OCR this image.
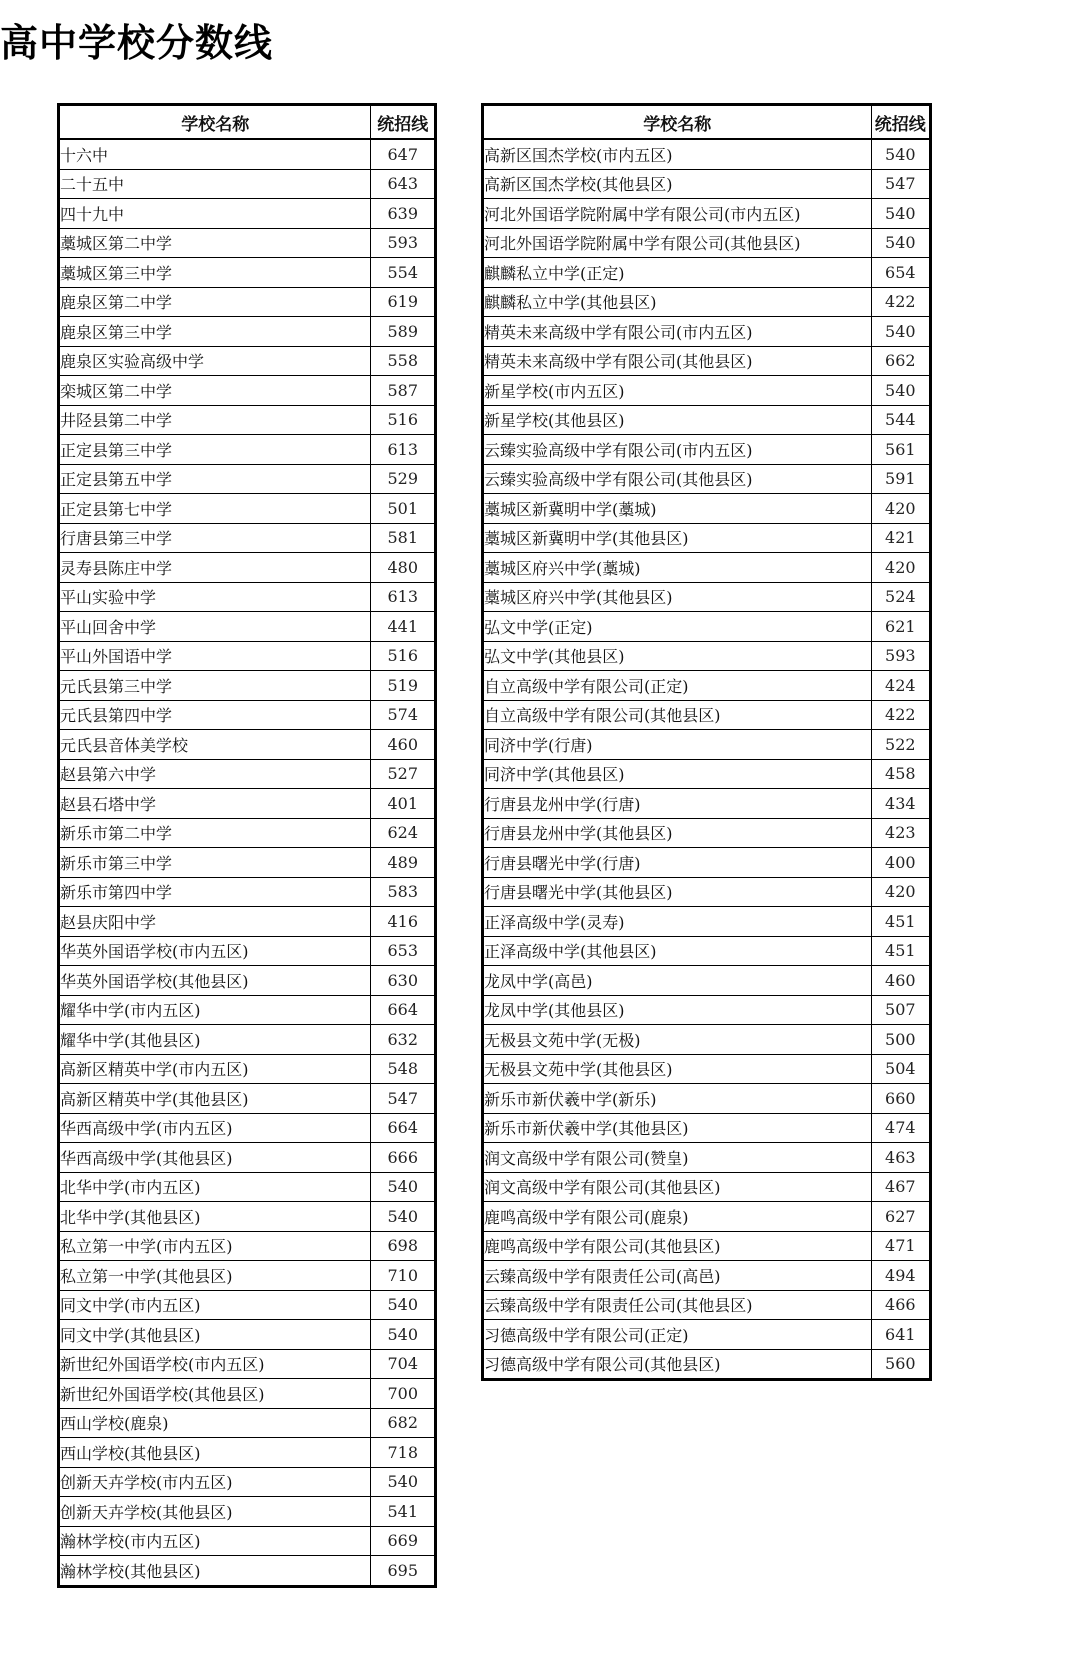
高中学校分数线
学校名称	统招线
十六中	647
二十五中	643
四十九中	639
藁城区第二中学	593
藁城区第三中学	554
鹿泉区第二中学	619
鹿泉区第三中学	589
鹿泉区实验高级中学	558
栾城区第二中学	587
井陉县第二中学	516
正定县第三中学	613
正定县第五中学	529
正定县第七中学	501
行唐县第三中学	581
灵寿县陈庄中学	480
平山实验中学	613
平山回舍中学	441
平山外国语中学	516
元氏县第三中学	519
元氏县第四中学	574
元氏县音体美学校	460
赵县第六中学	527
赵县石塔中学	401
新乐市第二中学	624
新乐市第三中学	489
新乐市第四中学	583
赵县庆阳中学	416
华英外国语学校(市内五区)	653
华英外国语学校(其他县区)	630
耀华中学(市内五区)	664
耀华中学(其他县区)	632
高新区精英中学(市内五区)	548
高新区精英中学(其他县区)	547
华西高级中学(市内五区)	664
华西高级中学(其他县区)	666
北华中学(市内五区)	540
北华中学(其他县区)	540
私立第一中学(市内五区)	698
私立第一中学(其他县区)	710
同文中学(市内五区)	540
同文中学(其他县区)	540
新世纪外国语学校(市内五区)	704
新世纪外国语学校(其他县区)	700
西山学校(鹿泉)	682
西山学校(其他县区)	718
创新天卉学校(市内五区)	540
创新天卉学校(其他县区)	541
瀚林学校(市内五区)	669
瀚林学校(其他县区)	695
学校名称	统招线
高新区国杰学校(市内五区)	540
高新区国杰学校(其他县区)	547
河北外国语学院附属中学有限公司(市内五区)	540
河北外国语学院附属中学有限公司(其他县区)	540
麒麟私立中学(正定)	654
麒麟私立中学(其他县区)	422
精英未来高级中学有限公司(市内五区)	540
精英未来高级中学有限公司(其他县区)	662
新星学校(市内五区)	540
新星学校(其他县区)	544
云臻实验高级中学有限公司(市内五区)	561
云臻实验高级中学有限公司(其他县区)	591
藁城区新冀明中学(藁城)	420
藁城区新冀明中学(其他县区)	421
藁城区府兴中学(藁城)	420
藁城区府兴中学(其他县区)	524
弘文中学(正定)	621
弘文中学(其他县区)	593
自立高级中学有限公司(正定)	424
自立高级中学有限公司(其他县区)	422
同济中学(行唐)	522
同济中学(其他县区)	458
行唐县龙州中学(行唐)	434
行唐县龙州中学(其他县区)	423
行唐县曙光中学(行唐)	400
行唐县曙光中学(其他县区)	420
正泽高级中学(灵寿)	451
正泽高级中学(其他县区)	451
龙凤中学(高邑)	460
龙凤中学(其他县区)	507
无极县文苑中学(无极)	500
无极县文苑中学(其他县区)	504
新乐市新伏羲中学(新乐)	660
新乐市新伏羲中学(其他县区)	474
润文高级中学有限公司(赞皇)	463
润文高级中学有限公司(其他县区)	467
鹿鸣高级中学有限公司(鹿泉)	627
鹿鸣高级中学有限公司(其他县区)	471
云臻高级中学有限责任公司(高邑)	494
云臻高级中学有限责任公司(其他县区)	466
习德高级中学有限公司(正定)	641
习德高级中学有限公司(其他县区)	560
